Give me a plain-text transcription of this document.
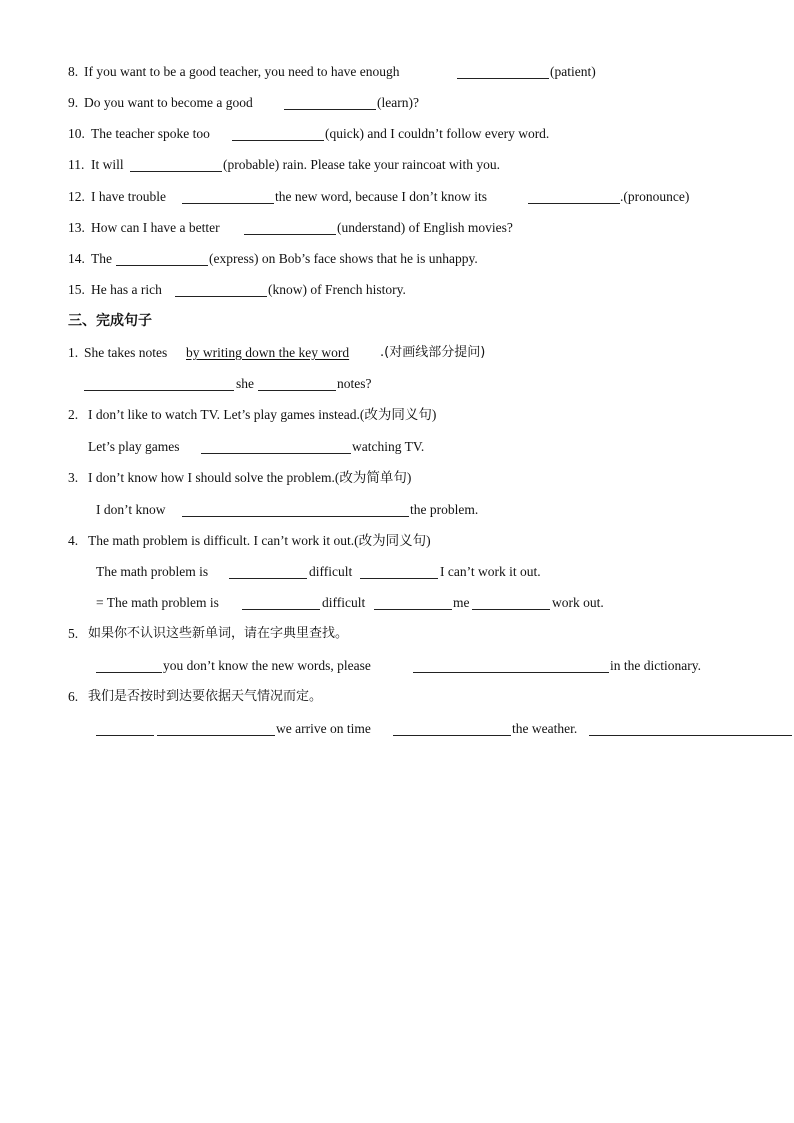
8. If you want to be a good teacher, you need to have enough	(patient)
9. Do you want to become a good	(learn)?
10. The teacher spoke too	(quick) and I couldn’t follow every word.
11. It will	(probable) rain. Please take your raincoat with you.
12. I have trouble	the new word, because I don’t know its	.(pronounce)
13. How can I have a better	(understand) of English movies?
14. The	(express) on Bob’s face shows that he is unhappy.
15. He has a rich	(know) of French history.
三、完成句子
1. She takes notes by writing down the key word .(对画线部分提问)
she	notes?
2. I don’t like to watch TV. Let’s play games instead.(改为同义句)
Let’s play games	watching TV.
3. I don’t know how I should solve the problem.(改为简单句)
I don’t know	the problem.
4. The math problem is difficult. I can’t work it out.(改为同义句)
The math problem is	difficult	I can’t work it out.
= The math problem is	difficult	me	work out.
5. 如果你不认识这些新单词，请在字典里查找。
you don’t know the new words, please	in the dictionary.
6. 我们是否按时到达要依据天气情况而定。
we arrive on time	the weather.
